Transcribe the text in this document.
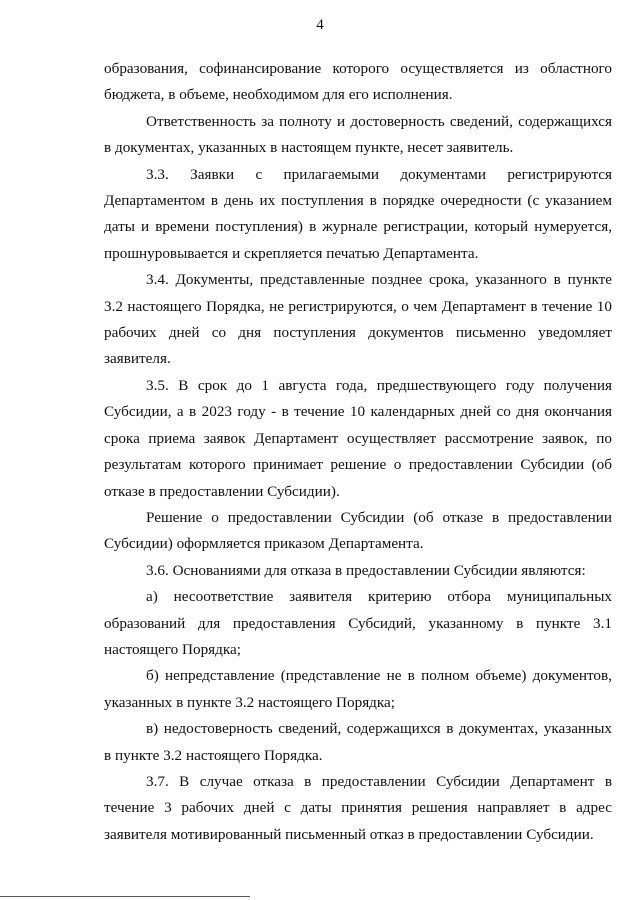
4

образования, софинансирование которого осуществляется из областного бюджета, в объеме, необходимом для его исполнения.

Ответственность за полноту и достоверность сведений, содержащихся в документах, указанных в настоящем пункте, несет заявитель.

3.3. Заявки с прилагаемыми документами регистрируются Департаментом в день их поступления в порядке очередности (с указанием даты и времени поступления) в журнале регистрации, который нумеруется, прошнуровывается и скрепляется печатью Департамента.

3.4. Документы, представленные позднее срока, указанного в пункте 3.2 настоящего Порядка, не регистрируются, о чем Департамент в течение 10 рабочих дней со дня поступления документов письменно уведомляет заявителя.

3.5. В срок до 1 августа года, предшествующего году получения Субсидии, а в 2023 году - в течение 10 календарных дней со дня окончания срока приема заявок Департамент осуществляет рассмотрение заявок, по результатам которого принимает решение о предоставлении Субсидии (об отказе в предоставлении Субсидии).

Решение о предоставлении Субсидии (об отказе в предоставлении Субсидии) оформляется приказом Департамента.

3.6. Основаниями для отказа в предоставлении Субсидии являются:

а) несоответствие заявителя критерию отбора муниципальных образований для предоставления Субсидий, указанному в пункте 3.1 настоящего Порядка;

б) непредставление (представление не в полном объеме) документов, указанных в пункте 3.2 настоящего Порядка;

в) недостоверность сведений, содержащихся в документах, указанных в пункте 3.2 настоящего Порядка.

3.7. В случае отказа в предоставлении Субсидии Департамент в течение 3 рабочих дней с даты принятия решения направляет в адрес заявителя мотивированный письменный отказ в предоставлении Субсидии.
